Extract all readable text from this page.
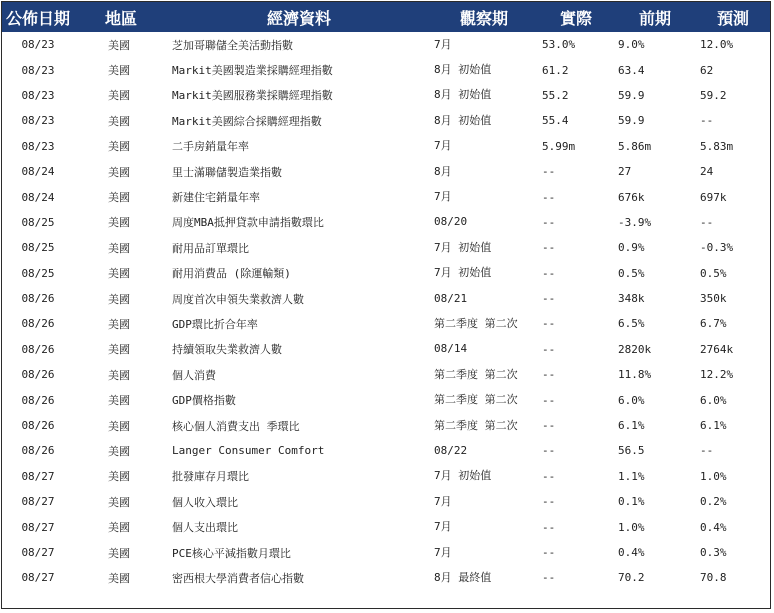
公佈日期	地區	經濟資料	觀察期	實際	前期	預測
08/23	美國	芝加哥聯儲全美活動指數	7月	53.0%	9.0%	12.0%
08/23	美國	Markit美國製造業採購經理指數	8月 初始值	61.2	63.4	62
08/23	美國	Markit美國服務業採購經理指數	8月 初始值	55.2	59.9	59.2
08/23	美國	Markit美國綜合採購經理指數	8月 初始值	55.4	59.9	--
08/23	美國	二手房銷量年率	7月	5.99m	5.86m	5.83m
08/24	美國	里士滿聯儲製造業指數	8月	--	27	24
08/24	美國	新建住宅銷量年率	7月	--	676k	697k
08/25	美國	周度MBA抵押貸款申請指數環比	08/20	--	-3.9%	--
08/25	美國	耐用品訂單環比	7月 初始值	--	0.9%	-0.3%
08/25	美國	耐用消費品 (除運輸類)	7月 初始值	--	0.5%	0.5%
08/26	美國	周度首次申領失業救濟人數	08/21	--	348k	350k
08/26	美國	GDP環比折合年率	第二季度 第二次	--	6.5%	6.7%
08/26	美國	持續領取失業救濟人數	08/14	--	2820k	2764k
08/26	美國	個人消費	第二季度 第二次	--	11.8%	12.2%
08/26	美國	GDP價格指數	第二季度 第二次	--	6.0%	6.0%
08/26	美國	核心個人消費支出 季環比	第二季度 第二次	--	6.1%	6.1%
08/26	美國	Langer Consumer Comfort	08/22	--	56.5	--
08/27	美國	批發庫存月環比	7月 初始值	--	1.1%	1.0%
08/27	美國	個人收入環比	7月	--	0.1%	0.2%
08/27	美國	個人支出環比	7月	--	1.0%	0.4%
08/27	美國	PCE核心平減指數月環比	7月	--	0.4%	0.3%
08/27	美國	密西根大學消費者信心指數	8月 最終值	--	70.2	70.8
